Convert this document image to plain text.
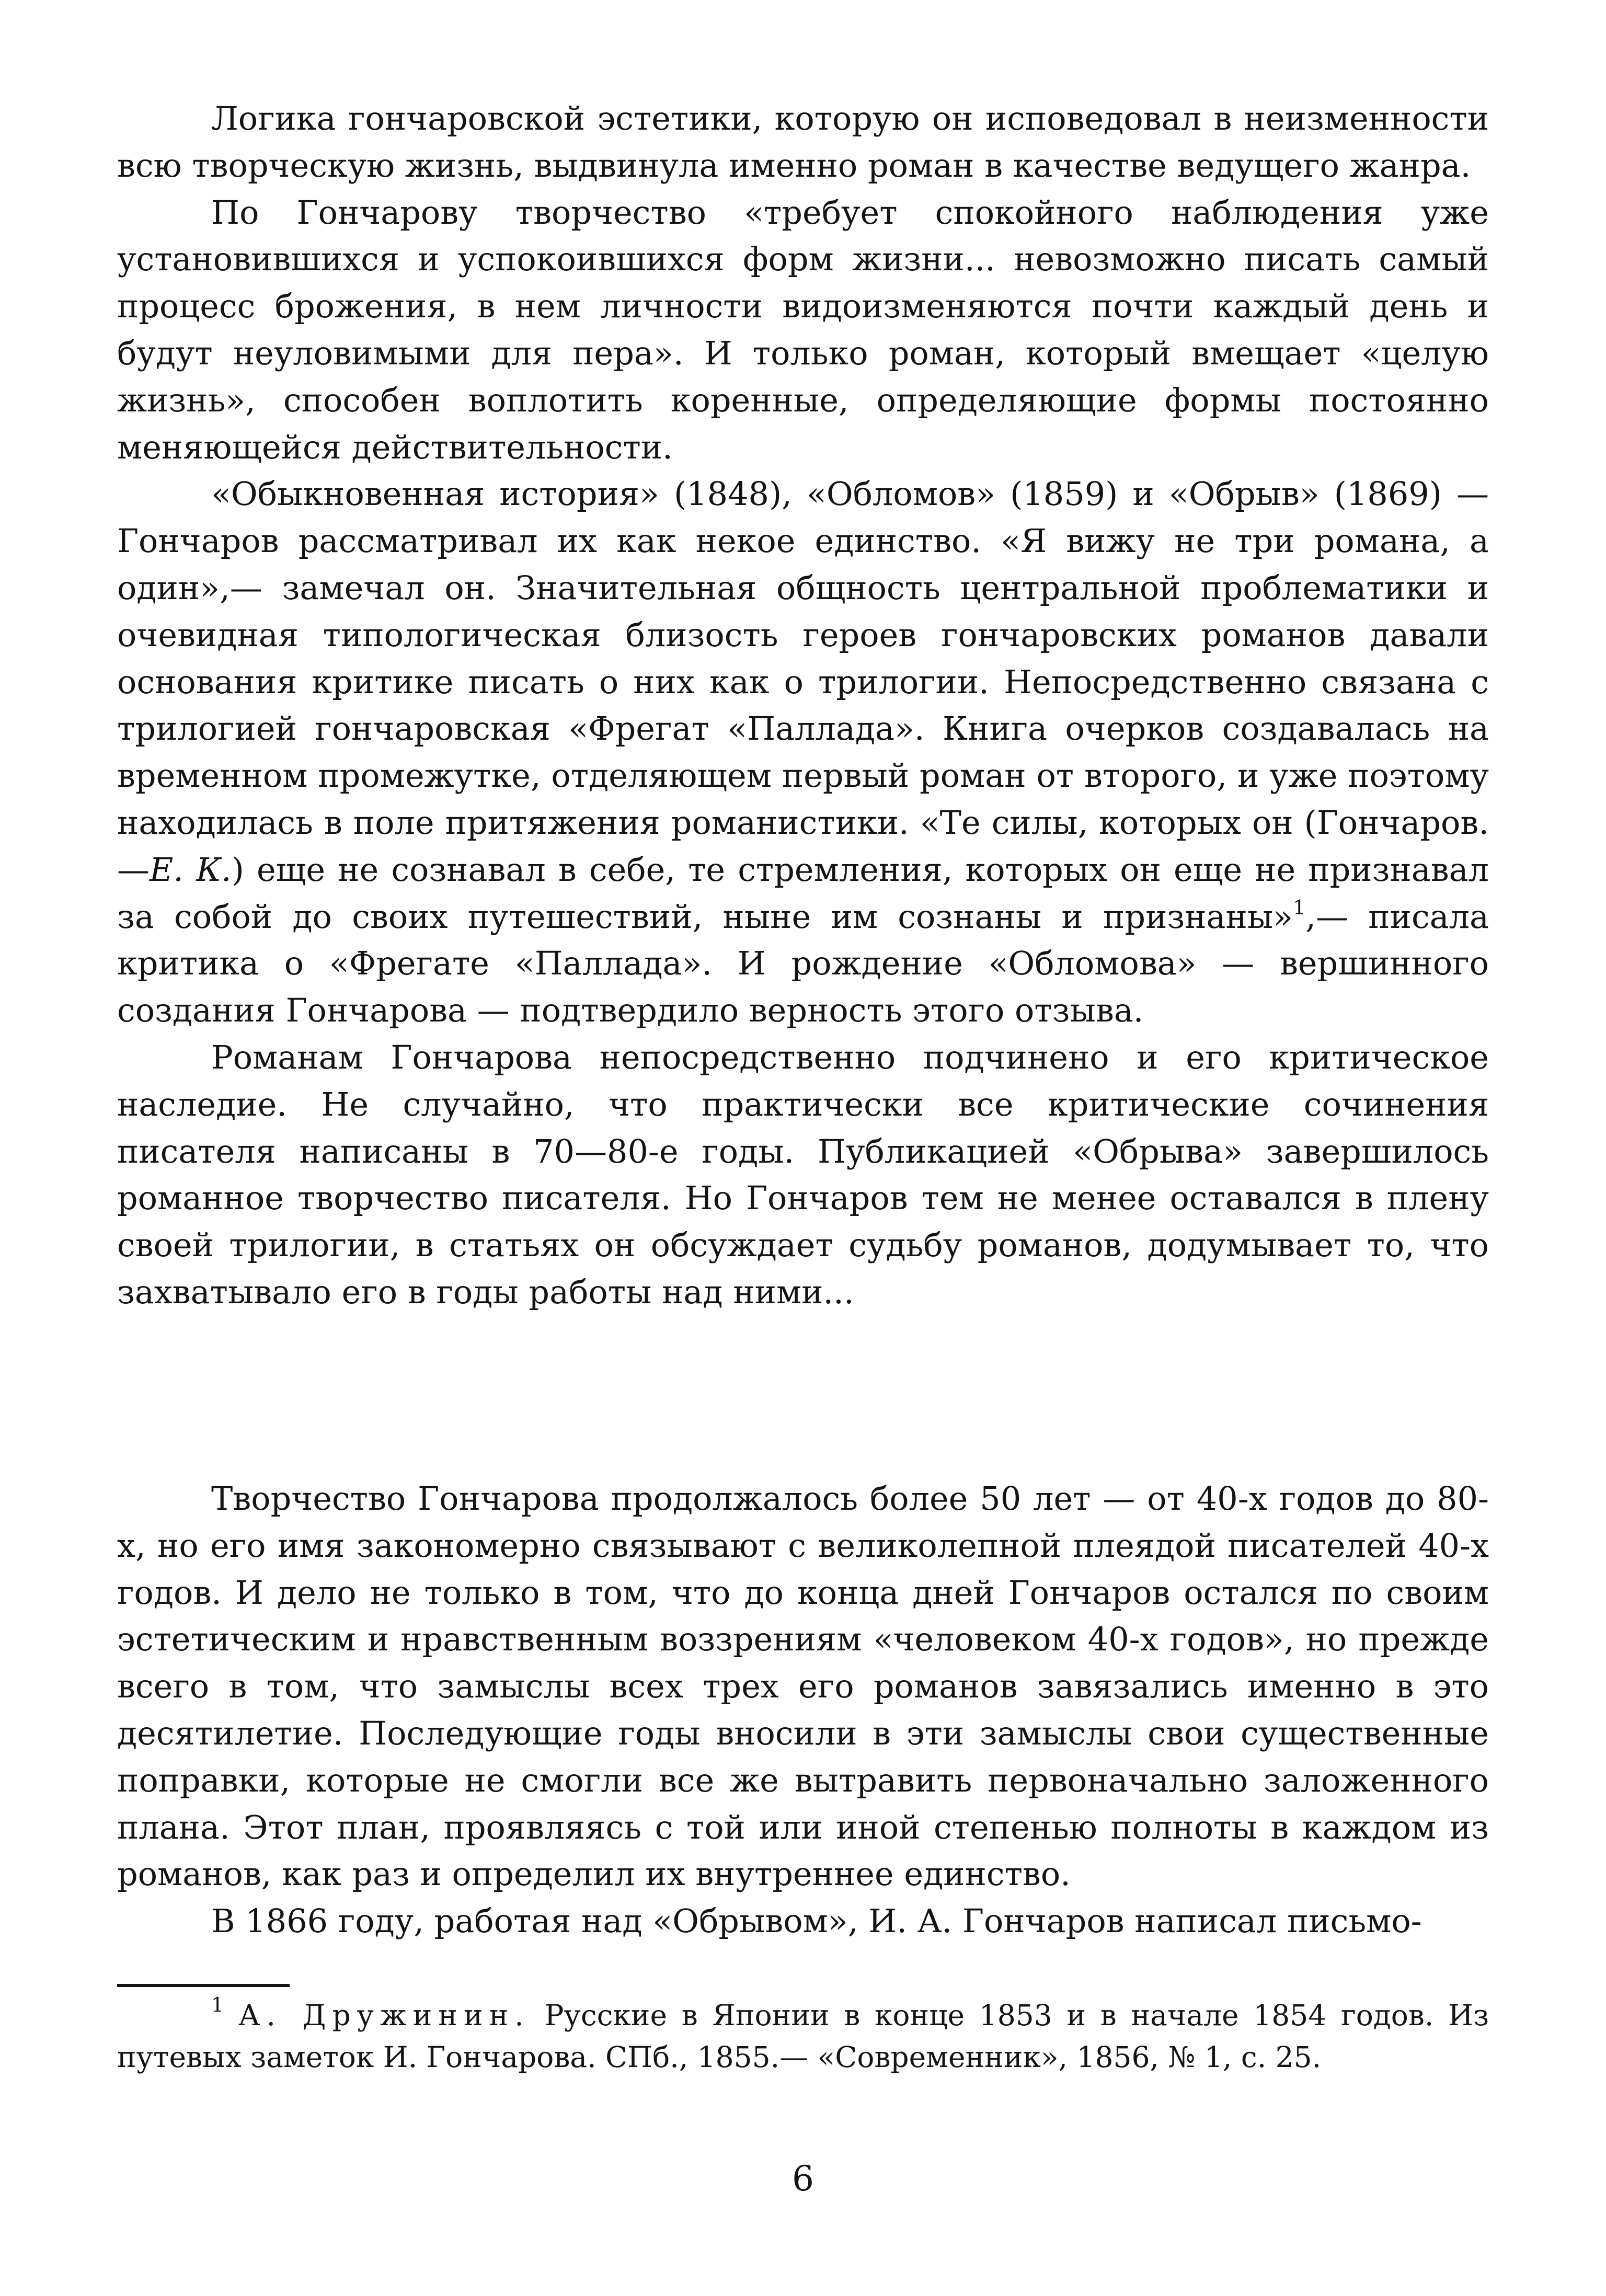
Логика гончаровской эстетики, которую он исповедовал в неизменности всю творческую жизнь, выдвинула именно роман в качестве ведущего жанра.

По Гончарову творчество «требует спокойного наблюдения уже установившихся и успокоившихся форм жизни... невозможно писать самый процесс брожения, в нем личности видоизменяются почти каждый день и будут неуловимыми для пера». И только роман, который вмещает «целую жизнь», способен воплотить коренные, определяющие формы постоянно меняющейся действительности.

«Обыкновенная история» (1848), «Обломов» (1859) и «Обрыв» (1869) — Гончаров рассматривал их как некое единство. «Я вижу не три романа, а один»,— замечал он. Значительная общность центральной проблематики и очевидная типологическая близость героев гончаровских романов давали основания критике писать о них как о трилогии. Непосредственно связана с трилогией гончаровская «Фрегат «Паллада». Книга очерков создавалась на временном промежутке, отделяющем первый роман от второго, и уже поэтому находилась в поле притяжения романистики. «Те силы, которых он (Гончаров.—Е. К.) еще не сознавал в себе, те стремления, которых он еще не признавал за собой до своих путешествий, ныне им сознаны и признаны»$^1$,— писала критика о «Фрегате «Паллада». И рождение «Обломова» — вершинного создания Гончарова — подтвердило верность этого отзыва.

Романам Гончарова непосредственно подчинено и его критическое наследие. Не случайно, что практически все критические сочинения писателя написаны в 70—80-е годы. Публикацией «Обрыва» завершилось романное творчество писателя. Но Гончаров тем не менее оставался в плену своей трилогии, в статьях он обсуждает судьбу романов, додумывает то, что захватывало его в годы работы над ними...

Творчество Гончарова продолжалось более 50 лет — от 40-х годов до 80-х, но его имя закономерно связывают с великолепной плеядой писателей 40-х годов. И дело не только в том, что до конца дней Гончаров остался по своим эстетическим и нравственным воззрениям «человеком 40-х годов», но прежде всего в том, что замыслы всех трех его романов завязались именно в это десятилетие. Последующие годы вносили в эти замыслы свои существенные поправки, которые не смогли все же вытравить первоначально заложенного плана. Этот план, проявляясь с той или иной степенью полноты в каждом из романов, как раз и определил их внутреннее единство.

В 1866 году, работая над «Обрывом», И. А. Гончаров написал письмо-

$^1$ А. Дружинин. Русские в Японии в конце 1853 и в начале 1854 годов. Из путевых заметок И. Гончарова. СПб., 1855.— «Современник», 1856, № 1, с. 25.

6
